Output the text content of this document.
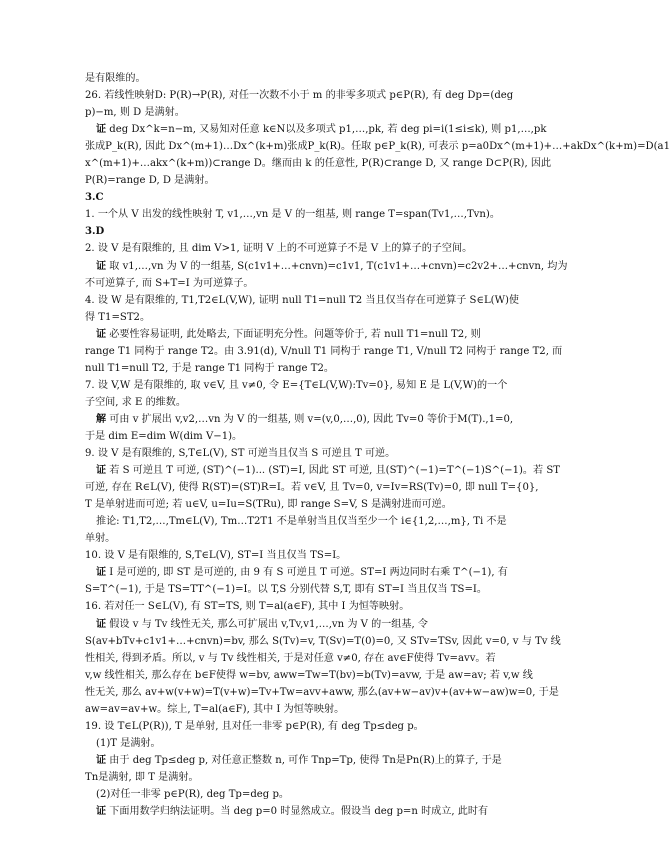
是有限维的。
26. 若线性映射D: P(R)→P(R), 对任一次数不小于 m 的非零多项式 p∈P(R), 有 deg Dp=(deg
p)−m, 则 D 是满射。
证 deg Dx^k=n−m, 又易知对任意 k∈N以及多项式 p1,…,pk, 若 deg pi=i(1≤i≤k), 则 p1,…,pk
张成P_k(R), 因此 Dx^(m+1)…Dx^(k+m)张成P_k(R)。任取 p∈P_k(R), 可表示 p=a0Dx^(m+1)+…+akDx^(k+m)=D(a1
x^(m+1)+…akx^(k+m))⊂range D。继而由 k 的任意性, P(R)⊂range D, 又 range D⊂P(R), 因此
P(R)=range D, D 是满射。
3.C
1. 一个从 V 出发的线性映射 T, v1,…,vn 是 V 的一组基, 则 range T=span(Tv1,…,Tvn)。
3.D
2. 设 V 是有限维的, 且 dim V>1, 证明 V 上的不可逆算子不是 V 上的算子的子空间。
证 取 v1,…,vn 为 V 的一组基, S(c1v1+…+cnvn)=c1v1, T(c1v1+…+cnvn)=c2v2+…+cnvn, 均为
不可逆算子, 而 S+T=I 为可逆算子。
4. 设 W 是有限维的, T1,T2∈L(V,W), 证明 null T1=null T2 当且仅当存在可逆算子 S∈L(W)使
得 T1=ST2。
证 必要性容易证明, 此处略去, 下面证明充分性。问题等价于, 若 null T1=null T2, 则
range T1 同构于 range T2。由 3.91(d), V/null T1 同构于 range T1, V/null T2 同构于 range T2, 而
null T1=null T2, 于是 range T1 同构于 range T2。
7. 设 V,W 是有限维的, 取 v∈V, 且 v≠0, 令 E={T∈L(V,W):Tv=0}, 易知 E 是 L(V,W)的一个
子空间, 求 E 的维数。
解 可由 v 扩展出 v,v2,…vn 为 V 的一组基, 则 v=(v,0,…,0), 因此 Tv=0 等价于M(T).,1=0,
于是 dim E=dim W(dim V−1)。
9. 设 V 是有限维的, S,T∈L(V), ST 可逆当且仅当 S 可逆且 T 可逆。
证 若 S 可逆且 T 可逆, (ST)^(−1)... (ST)=I, 因此 ST 可逆, 且(ST)^(−1)=T^(−1)S^(−1)。若 ST
可逆, 存在 R∈L(V), 使得 R(ST)=(ST)R=I。若 v∈V, 且 Tv=0, v=Iv=RS(Tv)=0, 即 null T={0},
T 是单射进而可逆; 若 u∈V, u=Iu=S(TRu), 即 range S=V, S 是满射进而可逆。
推论: T1,T2,…,Tm∈L(V), Tm…T2T1 不是单射当且仅当至少一个 i∈{1,2,…,m}, Ti 不是
单射。
10. 设 V 是有限维的, S,T∈L(V), ST=I 当且仅当 TS=I。
证 I 是可逆的, 即 ST 是可逆的, 由 9 有 S 可逆且 T 可逆。ST=I 两边同时右乘 T^(−1), 有
S=T^(−1), 于是 TS=TT^(−1)=I。以 T,S 分别代替 S,T, 即有 ST=I 当且仅当 TS=I。
16. 若对任一 S∈L(V), 有 ST=TS, 则 T=al(a∈F), 其中 I 为恒等映射。
证 假设 v 与 Tv 线性无关, 那么可扩展出 v,Tv,v1,…,vn 为 V 的一组基, 令
S(av+bTv+c1v1+…+cnvn)=bv, 那么 S(Tv)=v, T(Sv)=T(0)=0, 又 STv=TSv, 因此 v=0, v 与 Tv 线
性相关, 得到矛盾。所以, v 与 Tv 线性相关, 于是对任意 v≠0, 存在 av∈F使得 Tv=avv。若
v,w 线性相关, 那么存在 b∈F使得 w=bv, aww=Tw=T(bv)=b(Tv)=avw, 于是 aw=av; 若 v,w 线
性无关, 那么 av+w(v+w)=T(v+w)=Tv+Tw=avv+aww, 那么(av+w−av)v+(av+w−aw)w=0, 于是
aw=av=av+w。综上, T=al(a∈F), 其中 I 为恒等映射。
19. 设 T∈L(P(R)), T 是单射, 且对任一非零 p∈P(R), 有 deg Tp≤deg p。
(1)T 是满射。
证 由于 deg Tp≤deg p, 对任意正整数 n, 可作 Tnp=Tp, 使得 Tn是Pn(R)上的算子, 于是
Tn是满射, 即 T 是满射。
(2)对任一非零 p∈P(R), deg Tp=deg p。
证 下面用数学归纳法证明。当 deg p=0 时显然成立。假设当 deg p=n 时成立, 此时有
